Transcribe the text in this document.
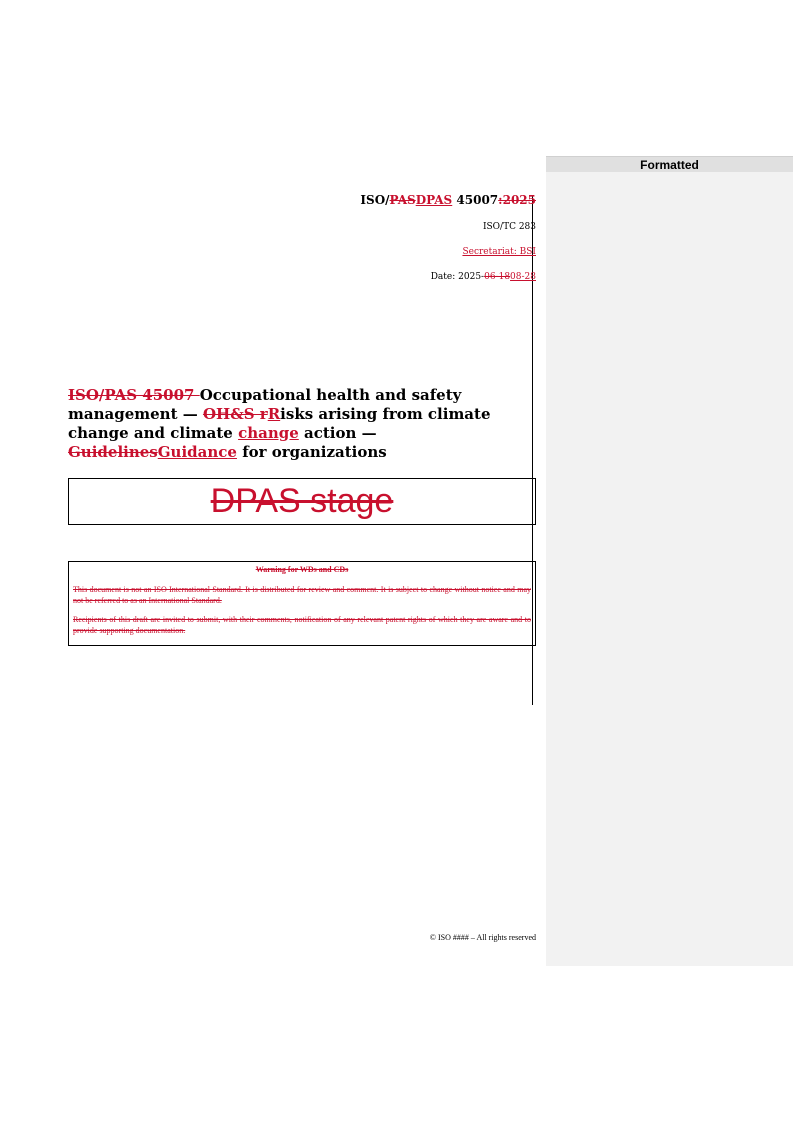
Formatted
ISO/PASDPAS 45007:2025
ISO/TC 283
Secretariat: BSI
Date: 2025-06-1808-28
ISO/PAS 45007 Occupational health and safety management — OH&S rRisks arising from climate change and climate change action — GuidelinesGuidance for organizations
DPAS stage
Warning for WDs and CDs

This document is not an ISO International Standard. It is distributed for review and comment. It is subject to change without notice and may not be referred to as an International Standard.

Recipients of this draft are invited to submit, with their comments, notification of any relevant patent rights of which they are aware and to provide supporting documentation.

© ISO #### – All rights reserved
